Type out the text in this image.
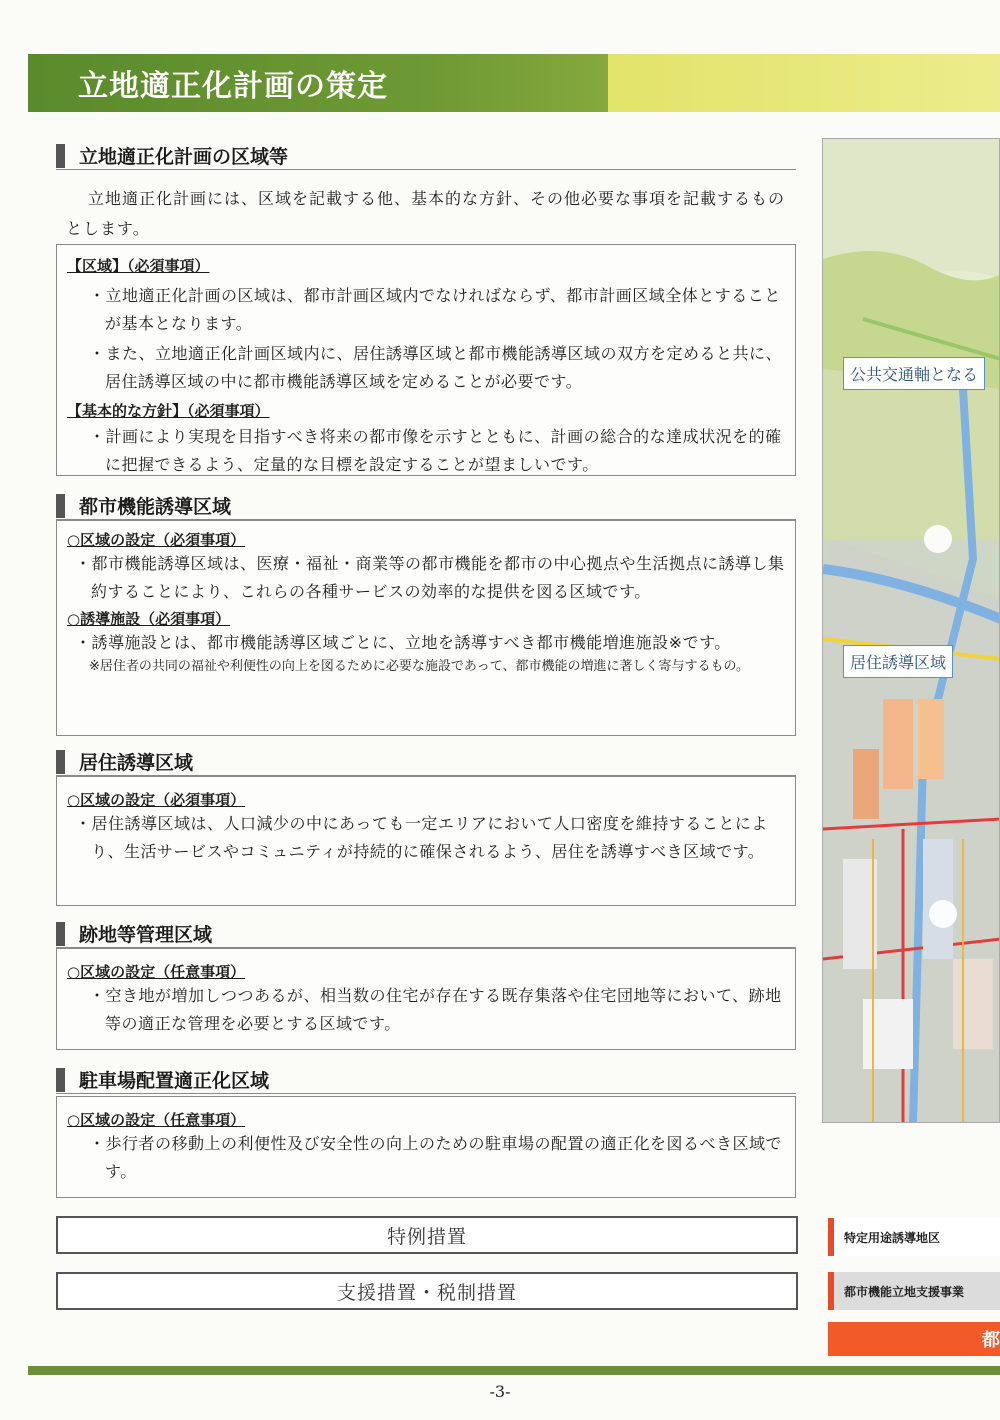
立地適正化計画の策定
立地適正化計画の区域等

立地適正化計画には、区域を記載する他、基本的な方針、その他必要な事項を記載するものとします。

【区域】（必須事項）
・立地適正化計画の区域は、都市計画区域内でなければならず、都市計画区域全体とすることが基本となります。
・また、立地適正化計画区域内に、居住誘導区域と都市機能誘導区域の双方を定めると共に、居住誘導区域の中に都市機能誘導区域を定めることが必要です。
【基本的な方針】（必須事項）
・計画により実現を目指すべき将来の都市像を示すとともに、計画の総合的な達成状況を的確に把握できるよう、定量的な目標を設定することが望ましいです。
都市機能誘導区域
○区域の設定（必須事項）
・都市機能誘導区域は、医療・福祉・商業等の都市機能を都市の中心拠点や生活拠点に誘導し集約することにより、これらの各種サービスの効率的な提供を図る区域です。
○誘導施設（必須事項）
・誘導施設とは、都市機能誘導区域ごとに、立地を誘導すべき都市機能増進施設※です。
※居住者の共同の福祉や利便性の向上を図るために必要な施設であって、都市機能の増進に著しく寄与するもの。
居住誘導区域
○区域の設定（必須事項）
・居住誘導区域は、人口減少の中にあっても一定エリアにおいて人口密度を維持することにより、生活サービスやコミュニティが持続的に確保されるよう、居住を誘導すべき区域です。
跡地等管理区域
○区域の設定（任意事項）
・空き地が増加しつつあるが、相当数の住宅が存在する既存集落や住宅団地等において、跡地等の適正な管理を必要とする区域です。
駐車場配置適正化区域
○区域の設定（任意事項）
・歩行者の移動上の利便性及び安全性の向上のための駐車場の配置の適正化を図るべき区域です。
特例措置
支援措置・税制措置
公共交通軸となる
居住誘導区域
特定用途誘導地区
都市機能立地支援事業
都
-3-
